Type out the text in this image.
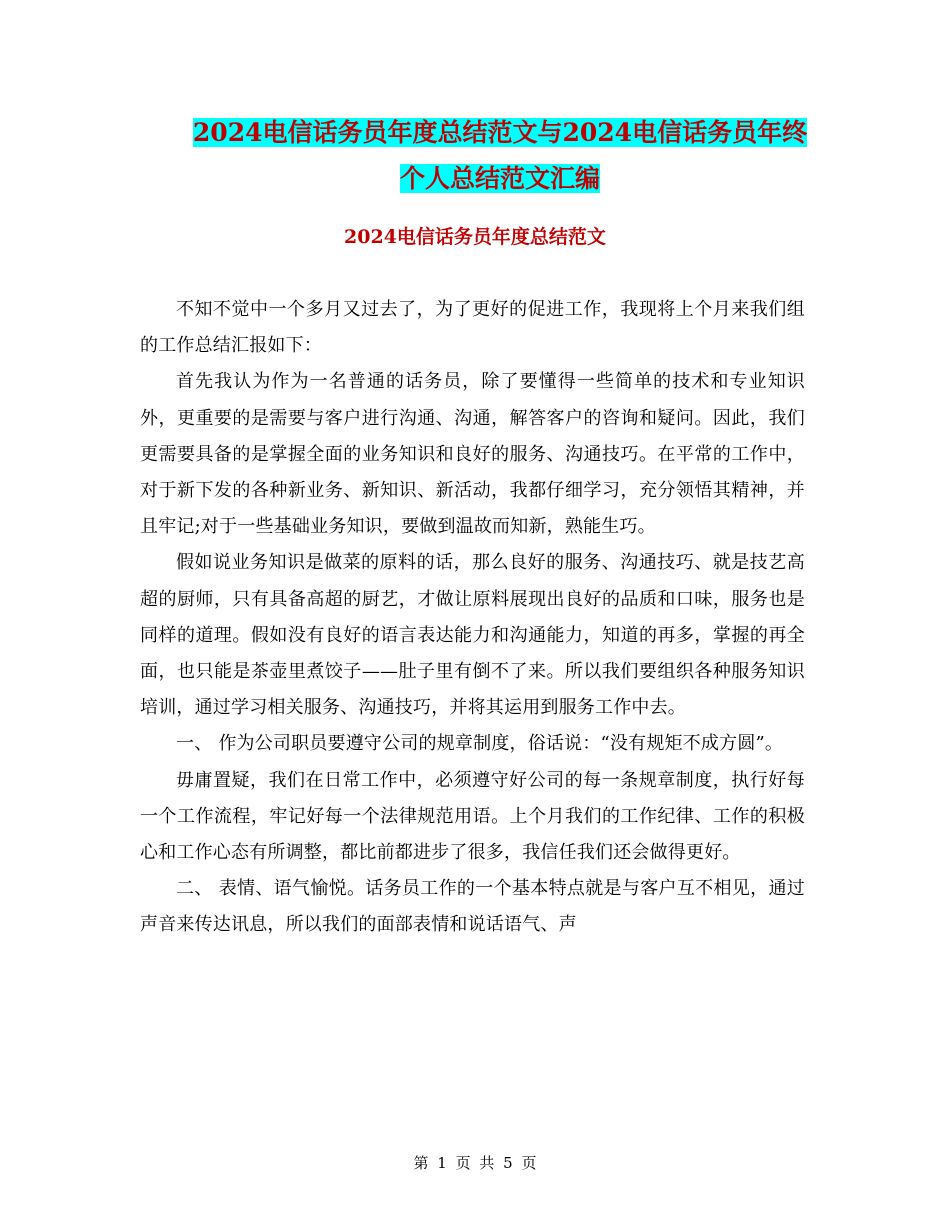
2024电信话务员年度总结范文与2024电信话务员年终
个人总结范文汇编
2024电信话务员年度总结范文

不知不觉中一个多月又过去了，为了更好的促进工作，我现将上个月来我们组的工作总结汇报如下：

首先我认为作为一名普通的话务员，除了要懂得一些简单的技术和专业知识外，更重要的是需要与客户进行沟通、沟通，解答客户的咨询和疑问。因此，我们更需要具备的是掌握全面的业务知识和良好的服务、沟通技巧。在平常的工作中，对于新下发的各种新业务、新知识、新活动，我都仔细学习，充分领悟其精神，并且牢记;对于一些基础业务知识，要做到温故而知新，熟能生巧。

假如说业务知识是做菜的原料的话，那么良好的服务、沟通技巧、就是技艺高超的厨师，只有具备高超的厨艺，才做让原料展现出良好的品质和口味，服务也是同样的道理。假如没有良好的语言表达能力和沟通能力，知道的再多，掌握的再全面，也只能是茶壶里煮饺子——肚子里有倒不了来。所以我们要组织各种服务知识培训，通过学习相关服务、沟通技巧，并将其运用到服务工作中去。

一、 作为公司职员要遵守公司的规章制度，俗话说：“没有规矩不成方圆”。

毋庸置疑，我们在日常工作中，必须遵守好公司的每一条规章制度，执行好每一个工作流程，牢记好每一个法律规范用语。上个月我们的工作纪律、工作的积极心和工作心态有所调整，都比前都进步了很多，我信任我们还会做得更好。

二、 表情、语气愉悦。话务员工作的一个基本特点就是与客户互不相见，通过声音来传达讯息，所以我们的面部表情和说话语气、声

第 1 页 共 5 页
